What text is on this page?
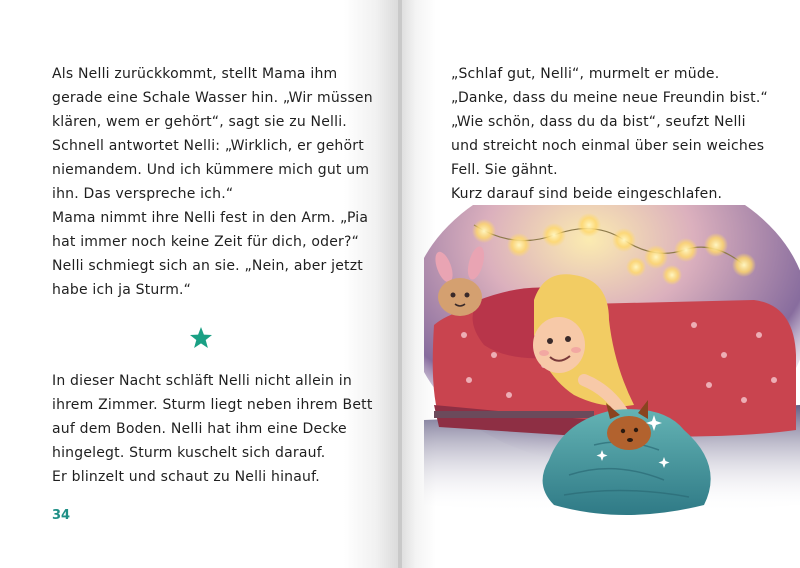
Als Nelli zurückkommt, stellt Mama ihm
gerade eine Schale Wasser hin. „Wir müssen
klären, wem er gehört“, sagt sie zu Nelli.
Schnell antwortet Nelli: „Wirklich, er gehört
niemandem. Und ich kümmere mich gut um
ihn. Das verspreche ich.“
Mama nimmt ihre Nelli fest in den Arm. „Pia
hat immer noch keine Zeit für dich, oder?“
Nelli schmiegt sich an sie. „Nein, aber jetzt
habe ich ja Sturm.“
In dieser Nacht schläft Nelli nicht allein in
ihrem Zimmer. Sturm liegt neben ihrem Bett
auf dem Boden. Nelli hat ihm eine Decke
hingelegt. Sturm kuschelt sich darauf.
Er blinzelt und schaut zu Nelli hinauf.
34
„Schlaf gut, Nelli“, murmelt er müde.
„Danke, dass du meine neue Freundin bist.“
„Wie schön, dass du da bist“, seufzt Nelli
und streicht noch einmal über sein weiches
Fell. Sie gähnt.
Kurz darauf sind beide eingeschlafen.
